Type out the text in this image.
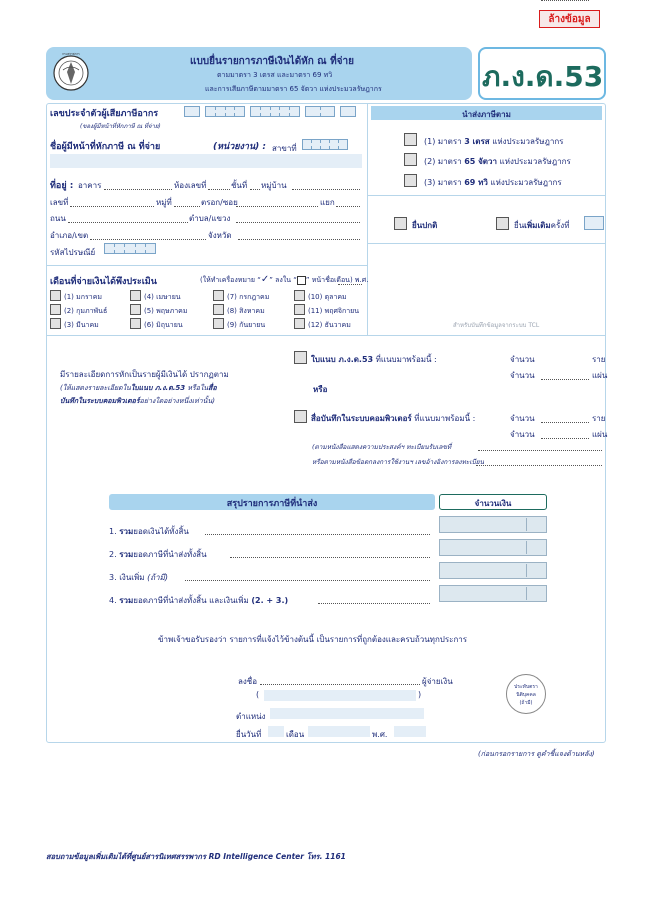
ล้างข้อมูล
กรมสรรพากร
แบบยื่นรายการภาษีเงินได้หัก ณ ที่จ่าย
ตามมาตรา 3 เตรส และมาตรา 69 ทวิ
และการเสียภาษีตามมาตรา 65 จัตวา แห่งประมวลรัษฎากร	ภ.ง.ด.53
เลขประจำตัวผู้เสียภาษีอากร
(ของผู้มีหน้าที่หักภาษี ณ ที่จ่าย)
ชื่อผู้มีหน้าที่หักภาษี ณ ที่จ่าย	(หน่วยงาน) : สาขาที่
ที่อยู่ : อาคาร	ห้องเลขที่	ชั้นที่ หมู่บ้าน
เลขที่	หมู่ที่	ตรอก/ซอย	แยก
ถนน	ตำบล/แขวง
อำเภอ/เขต	จังหวัด
รหัสไปรษณีย์
เดือนที่จ่ายเงินได้พึงประเมิน	(ให้ทำเครื่องหมาย “✓” ลงใน “ ” หน้าชื่อเดือน) พ.ศ.
(1) มกราคม
(2) กุมภาพันธ์
(3) มีนาคม
(4) เมษายน
(5) พฤษภาคม
(6) มิถุนายน
(7) กรกฎาคม
(8) สิงหาคม
(9) กันยายน
(10) ตุลาคม
(11) พฤศจิกายน
(12) ธันวาคม
นำส่งภาษีตาม
(1) มาตรา 3 เตรส แห่งประมวลรัษฎากร
(2) มาตรา 65 จัตวา แห่งประมวลรัษฎากร
(3) มาตรา 69 ทวิ แห่งประมวลรัษฎากร
ยื่นปกติ	ยื่นเพิ่มเติมครั้งที่
สำหรับบันทึกข้อมูลจากระบบ TCL
มีรายละเอียดการหักเป็นรายผู้มีเงินได้ ปรากฏตาม
(ให้แสดงรายละเอียดในใบแนบ ภ.ง.ด.53 หรือในสื่อ
บันทึกในระบบคอมพิวเตอร์อย่างใดอย่างหนึ่งเท่านั้น)
ใบแนบ ภ.ง.ด.53 ที่แนบมาพร้อมนี้ :
หรือ
สื่อบันทึกในระบบคอมพิวเตอร์ ที่แนบมาพร้อมนี้ :
จำนวน	ราย
จำนวน	แผ่น
จำนวน	ราย
จำนวน	แผ่น
(ตามหนังสือแสดงความประสงค์ฯ ทะเบียนรับเลขที่
หรือตามหนังสือข้อตกลงการใช้งานฯ เลขอ้างอิงการลงทะเบียน
สรุปรายการภาษีที่นำส่ง	จำนวนเงิน
1. รวมยอดเงินได้ทั้งสิ้น
2. รวมยอดภาษีที่นำส่งทั้งสิ้น
3. เงินเพิ่ม (ถ้ามี)
4. รวมยอดภาษีที่นำส่งทั้งสิ้น และเงินเพิ่ม (2. + 3.)
ข้าพเจ้าขอรับรองว่า รายการที่แจ้งไว้ข้างต้นนี้ เป็นรายการที่ถูกต้องและครบถ้วนทุกประการ
ลงชื่อ	ผู้จ่ายเงิน
(	)
ตำแหน่ง
ยื่นวันที่	เดือน	พ.ศ.
ประทับตรา
นิติบุคคล
(ถ้ามี)
(ก่อนกรอกรายการ ดูคำชี้แจงด้านหลัง)
สอบถามข้อมูลเพิ่มเติมได้ที่ศูนย์สารนิเทศสรรพากร RD Intelligence Center โทร. 1161
